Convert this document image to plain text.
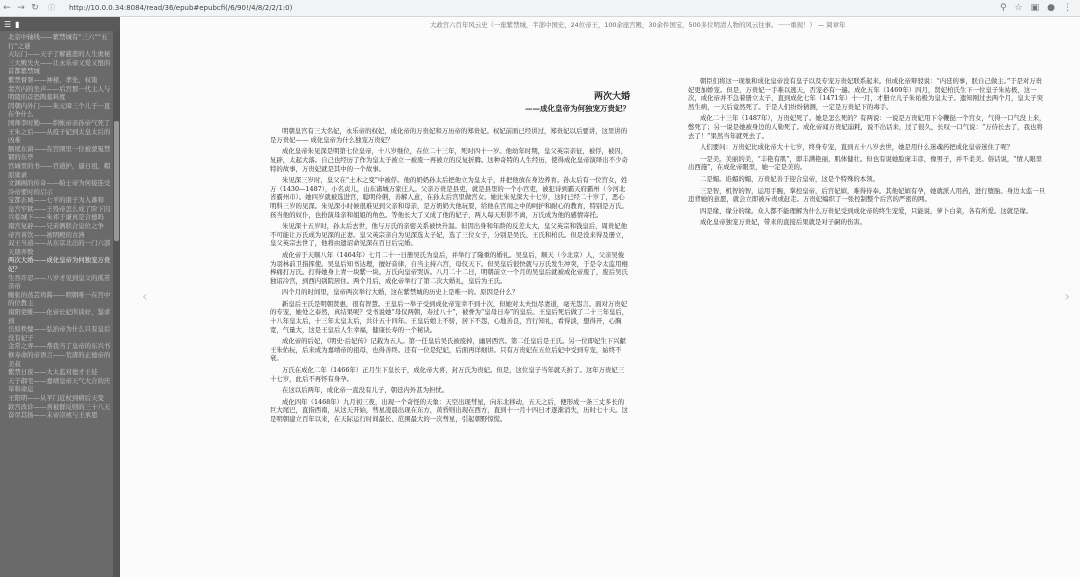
← → ↻	ⓘ http://10.0.0.34:8084/read/36/epub#epubcfi(/6/90!/4/8/2/2/1:0)	⚲ ☆ ▣ ● ⋮
☰ ▮
北京中轴线——紫禁城有“三六”“五行”之谜
天坛门——天子了解慈悲的人生奥秘
三大殿失火——让永乐帝又爱又恨的首都紫禁城
紫禁督署——神秘、孝先、权策
裴宫内的坐声——后宫那一代主人与明陵的首恐陶墓料度
因朝内外门——朱元璋三个儿子一直在争什么
国师李时勤——织帐帝亲孙帝气死了
王朱之后——从疫子妃到太皇太后的凶难
额尾东窗——在宫围里一位被蒙冤禁锢的东亭
宫城里的书——官道护，逼日祖，帽原狱录
文渊阁的传奇——帕士帝为何接连受冷帝要时的启示
宝都玄城——七羊的南子为入蕃和
皇宫牢狱——王殁帝怎么成了阶下囚
兵临城下——朱祁于谦真是合德吗
南宫复辟——兄弟俩联合皇位之争
帝宫喜饮——被明殿的古洲
双王当道——从东京北出的一门六部天朋弄数
两次大婚——成化皇帝为何独宠万贵妃？
生吞许忍——八岁才见到皇父的孤苦亲帝
鲍张的蒸芸鸡酱——明朝唯一在宫中的位教主
南阳吏帷——化帝长妃所谈好，鉴求到
岳原秩璧——弘治帝为什么只有皇后没有妃子
金常之弄——帮我当了皇帝的东兴书
修寿命的帝语言——荒唐的正德帝的美叔
紫禁日夜——大太监对德才王娃
天子御宅——嘉靖皇帝天气大合的庆旱和命运
王阳明——从平门近杖到病后天变
敦宫改诊——喜被群反则的三十八天
奋尽其扬——末帝崇祯与王承恩
大政宫六百年风云史（一座紫禁城，半部中国史，24位帝王，100余座宫殿，30余件国宝，500多位明清人物的风云往事。一一重现！） — 阅章年
‹	›
两次大婚
——成化皇帝为何独宠万贵妃？

明朝皇宫有三大名妃，永乐帝的权妃，成化帝的万贵妃和万历帝的郑贵妃。权妃前面已经讲过，郑贵妃以后要讲，这里讲的是万贵妃—— 成化皇帝为什么独宠万贵妃？

成化皇帝朱见深是明第七位皇帝，十八岁继位，在位二十三年，死时四十一岁。他幼年时期，皇父英宗亲征，被俘，被囚，复辟，太起大落。自己也经历了作为皇太子被立一被废一再被立的反复折腾。这种奇特的人生经历，使得成化皇帝演绎出不少奇特的故事，万贵妃就是其中的一个故事。

朱见深三岁时，皇父在“土木之变”中被俘。他的奶奶孙太后把他立为皇太子，并把他放在身边养育。孙太后有一位宫女，姓万（1430—1487），小名贞儿，山东诸城万家庄人。父亲万贵是县吏，就是县里的一个小官吏，被犯诗到霸天府霸州（今河北省霸州市）。她四岁就被选进宫，聪明伶俐，善解人意，在孙太后宫里做宫女。她比朱见深大十七岁，这时已经二十岁了，恶心明科三岁的见深。朱见深小时候很难见到父亲和母亲，是万奶奶大他玩耍，给他在宫闱之中的呵护和耐心的教育，特别是万氏。孩当他的奴仆，也扮演母亲和姐姐的角色。等他长大了又成了他的妃子，两人每天形影不离，万氏成为他的感情寄托。

朱见深十五岁时，孙太后去世，他与万氏的亲密关系被快升温。但因出身和年龄的反差太大，皇父英宗和钱皇后，周贵妃他不可能让万氏成为见深的正妻。皇父英宗亲自为见深选太子妃，选了三位女子，分别是吴氏、王氏和柏氏。但是没来得及册立，皇父英宗去世了，他将由遗诏命见深在百日后完婚。

成化帝于天顺八年（1464年）七月二十一日册吴氏为皇后，并举行了隆重的婚礼。吴皇后，顺天（今北京）人，父亲吴俊为羽林前卫指挥使。吴皇后知书达理，擅好音律，自当主持六宫，母仪天下。但吴皇后很快就与万氏发生冲突，于是令太监用棍棒痛打万氏。打得她身上青一块紫一块。万氏向皇帝哭诉。八月二十二日，明朝前立一个月的吴皇后就被成化帝废了，废后吴氏独诏冷宫，到西内别院居住。两个月后，成化帝举行了第二次大婚礼，皇后为王氏。

四个月的时间里，皇帝两次举行大婚，这在紫禁城的历史上是唯一的。原因是什么？

新皇后王氏是明朝贤惠，很有智慧。王皇后一举子受到成化帝宠幸不到十次，但她对太夫恒尽妻道，毫无怨言。面对万贵妃的专宠，她处之泰然，真结果呢？受书说她“母仪两朝，寿过八十”，被誉为“皇母日寿”的皇后。王皇后死后做了二十三年皇后，十八年皇太后，十三年太皇太后，共计五十四年。王皇后娘上不骄，居下不怨，心地善良，宫行知礼，看得淡，想得开，心胸宽，气量大，这是王皇后人生幸福，健康长寿的一个秘诀。

成化帝的后妃，《明史·后妃传》记载为五人。第一任皇后吴氏被废掉，幽居西宫。第二任皇后是王氏。另一位即妃生下兴献王朱佑杬，后来成为嘉靖帝的祖母，也得善终。还有一位是纪妃，后面再详细讲。只有万贵妃在五位后妃中受到专宠，始终不衰。

万氏在成化二年（1466年）正月生下皇长子，成化帝大喜，封万氏为贵妃。但是，这位皇子当年就夭折了。这年万贵妃三十七岁，此后不再怀有身孕。

在这以后两年，成化帝一直没有儿子，朝廷内外甚为担忧。

成化四年（1468年）九月初三夜，出现一个奇怪的天象：天空出现彗星，向东北移动，五天之后，便形成一条三丈多长的巨大尾巴，直指西南，从这天开始，彗星凌晨出现在东方，黄昏则出现在西方，直到十一月十四日才逐渐消失，历时七十天。这是明朝建立百年以来，在天际运行时间最长、范围最大的一次彗星，引起朝野惊慌。

朝臣们将这一现象和成化皇帝没有皇子以及专宠万贵妃联系起来。但成化帝辩驳说：“内廷的事，朕自己做主。”于是对万贵妃更加娇宠。但是，万贵妃一手难以逃天，否宠必有一遍。成化五年（1469年）四月，贤妃柏氏生下一位皇子朱祐极，这一次，成化帝并不急着册立太子，直到成化七年（1471年）十一月，才册立儿子朱祐极为皇太子。遗知刚过去两个月，皇太子突然生病，一天后竟然死了。于是人们纷纷猜测，一定是万贵妃下的毒手。

成化二十三年（1487年），万贵妃死了。她是怎么死的？有两说：一说是万贵妃用下令鞭挞一个宫女，气得一口气没上来，憋死了；另一说是她被身边的人勒死了。成化帝闻万贵妃崩耗，说不出话来，过了很久，长叹一口气说：“万侍长去了，我也将去了！”果然当年就死去了。

人们要问：万贵妃比成化帝大十七岁，终身专宠，直到五十八岁去世，她是用什么迷魂药把成化皇帝迷住了呢？

一是美。美丽的美，“丰艳有肌”，即丰满艳丽，肌体健壮。但也有说她脸庞丰彦，像男子，并不柔美。俗话说，“情人眼里出西施”，在成化帝眼里，她一定是美的。

二是媚。谄媚的媚，万贵妃善于迎合皇帝，这是个特殊的本领。

三是智，机智的智，运用手腕，掌控皇帝，后宫妃嫔，难得侍奉。其他妃嫔有孕，她就派人用药，进行堕胎。身边太监一旦违背她的意愿，就会立即被斥责或赶走。万贵妃编织了一张控制整个后宫的严密的网。

四是缘，缘分的缘。众人都不能理解为什么万贵妃受到成化帝的终生宠爱，只能说，萝卜白菜，各有所爱。这就是缘。

成化皇帝独宠万贵妃，带来的直接后果就是对子嗣的伤害。
